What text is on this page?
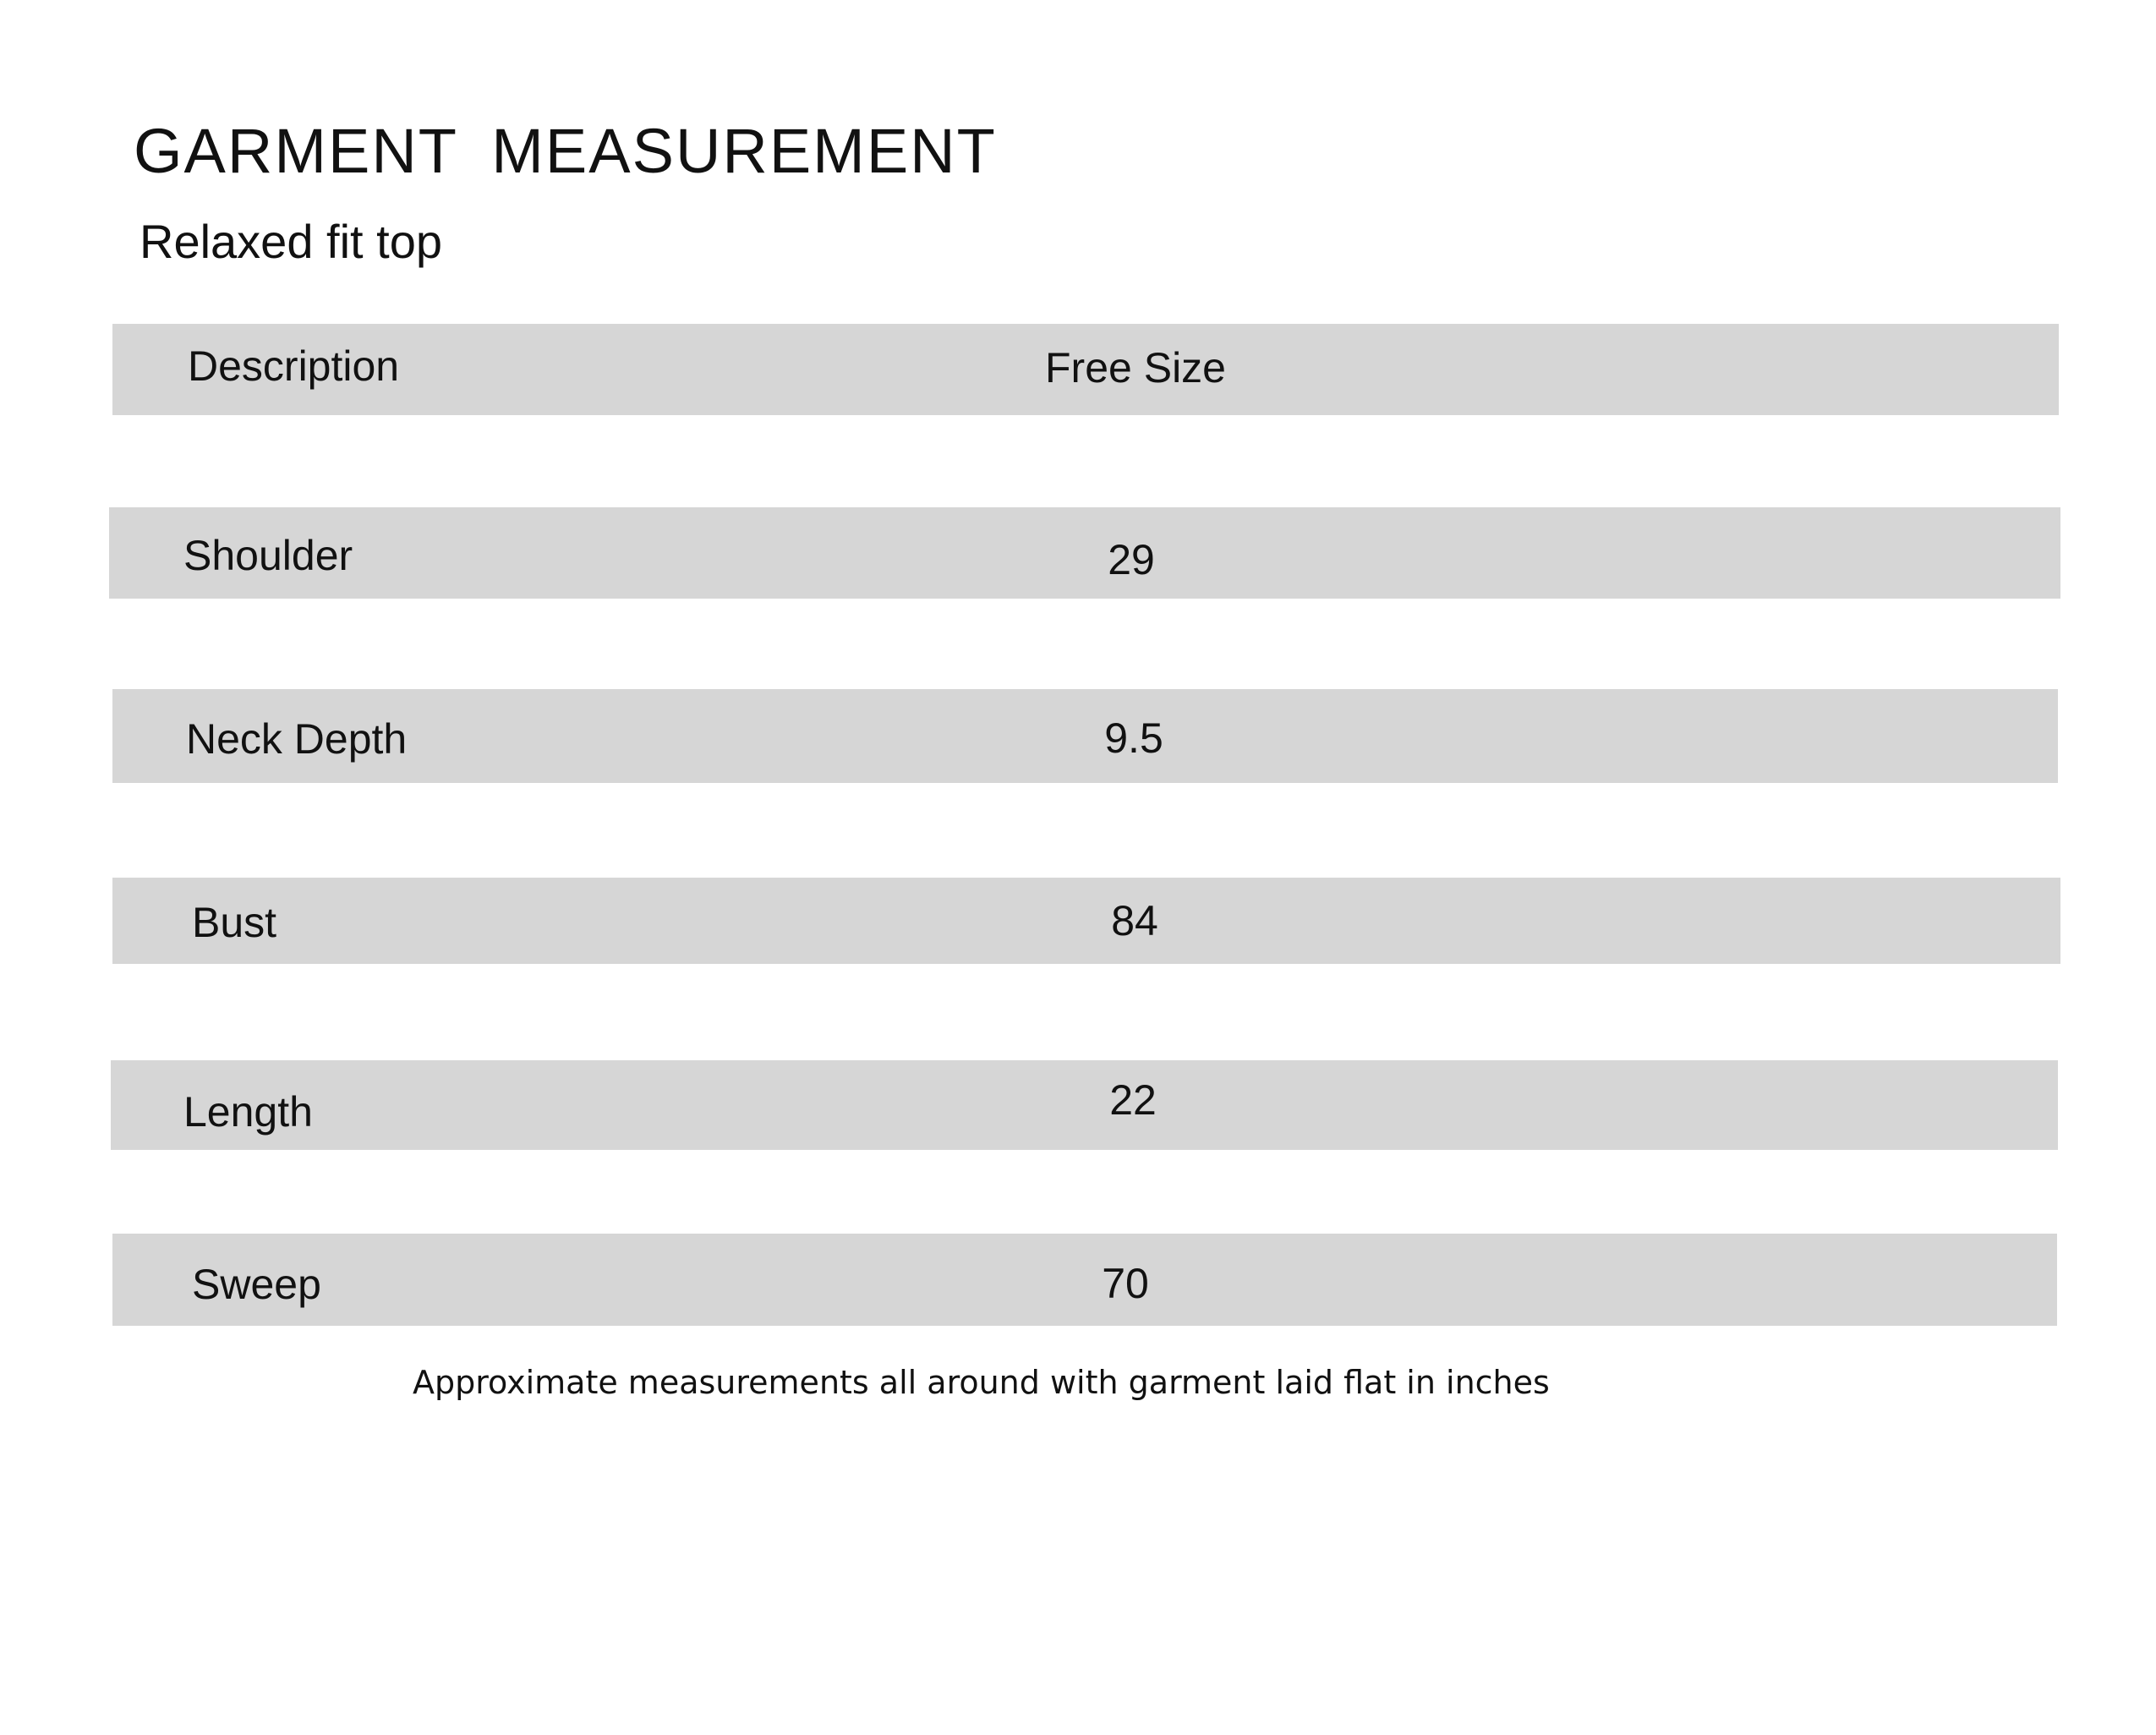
GARMENT MEASUREMENT
Relaxed fit top
Description	Free Size
Shoulder	29
Neck Depth	9.5
Bust	84
Length	22
Sweep	70
Approximate measurements all around with garment laid flat in inches
